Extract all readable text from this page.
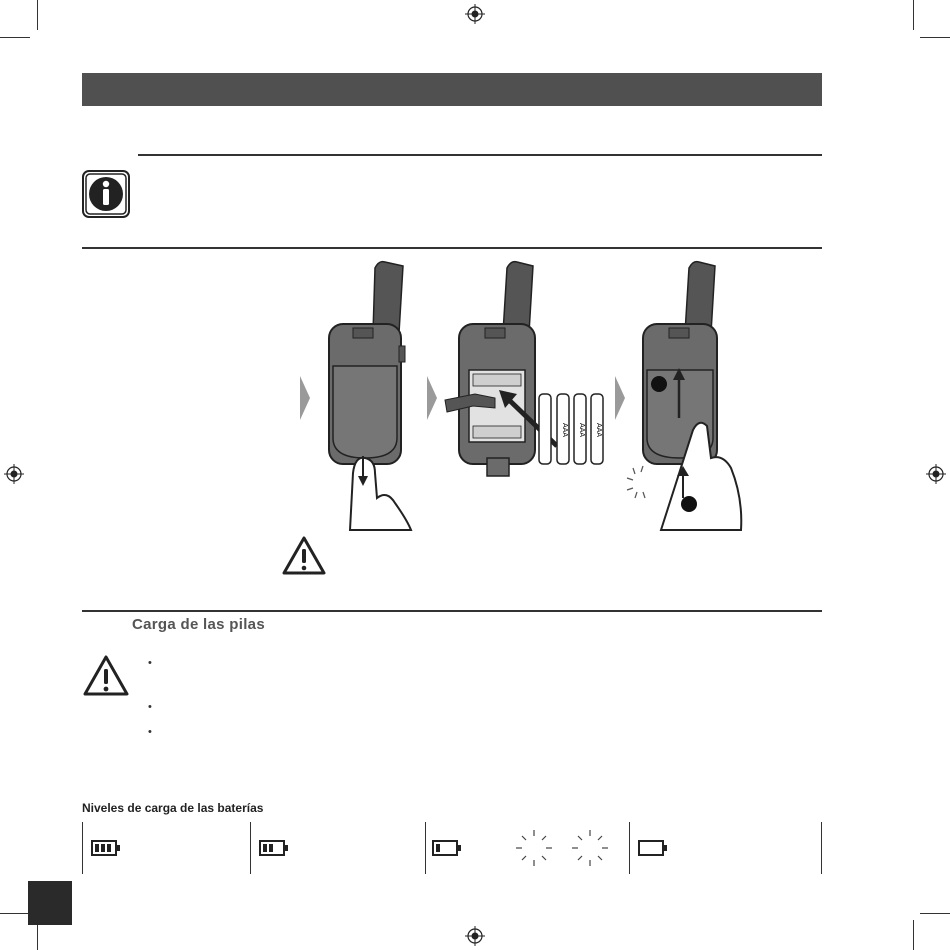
AAA AAA AAA
Carga de las pilas
•
•
•
Niveles de carga de las baterías
